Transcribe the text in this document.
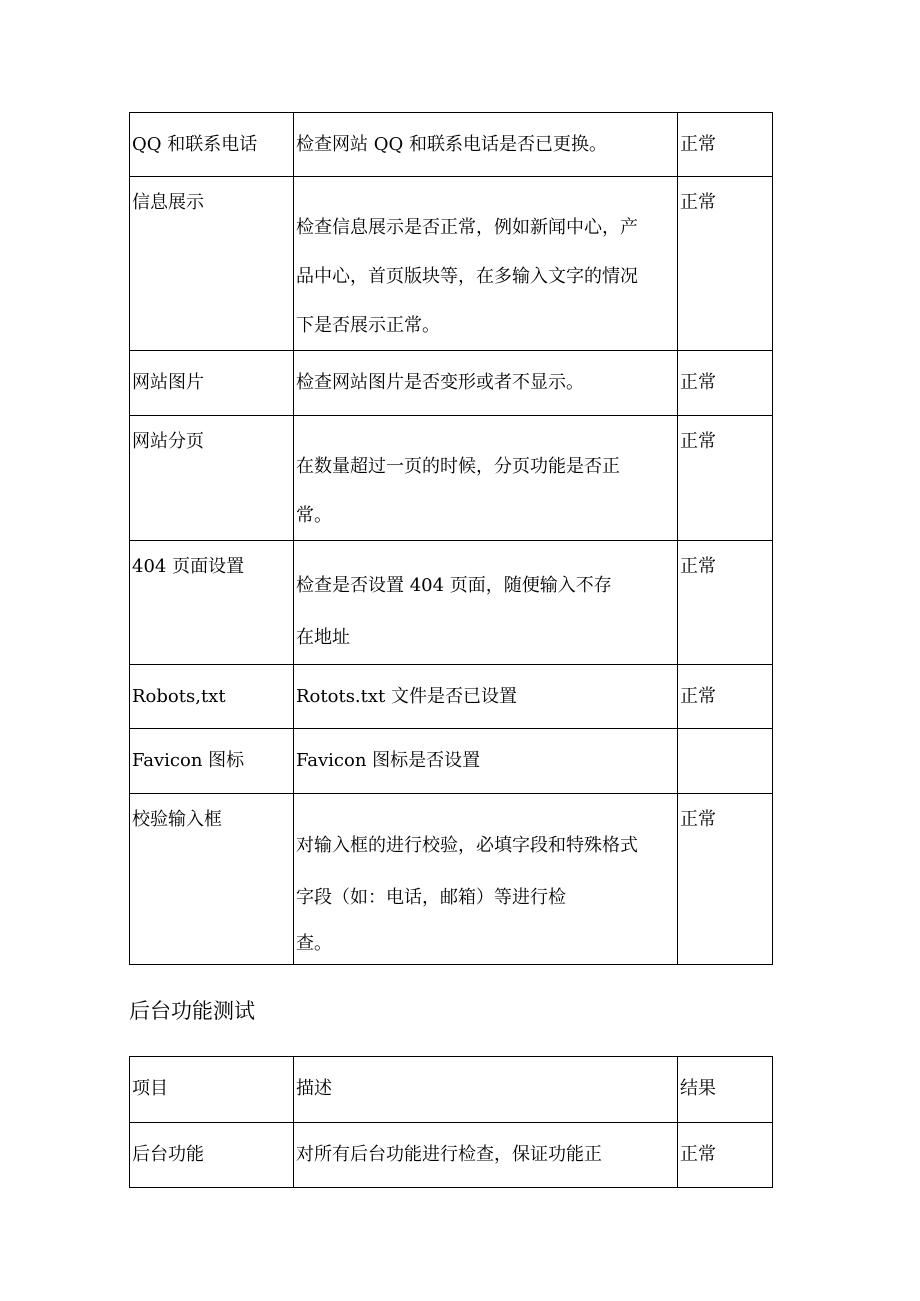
QQ 和联系电话	检查网站 QQ 和联系电话是否已更换。	正常

信息展示	检查信息展示是否正常，例如新闻中心，产
品中心，首页版块等，在多输入文字的情况
下是否展示正常。	正常

网站图片	检查网站图片是否变形或者不显示。	正常

网站分页	在数量超过一页的时候，分页功能是否正
常。	正常

404 页面设置	检查是否设置 404 页面，随便输入不存
在地址	正常

Robots,txt	Rotots.txt 文件是否已设置	正常

Favicon 图标	Favicon 图标是否设置	

校验输入框	对输入框的进行校验，必填字段和特殊格式
字段（如：电话，邮箱）等进行检
查。	正常
后台功能测试
项目	描述	结果

后台功能	对所有后台功能进行检查，保证功能正	正常
